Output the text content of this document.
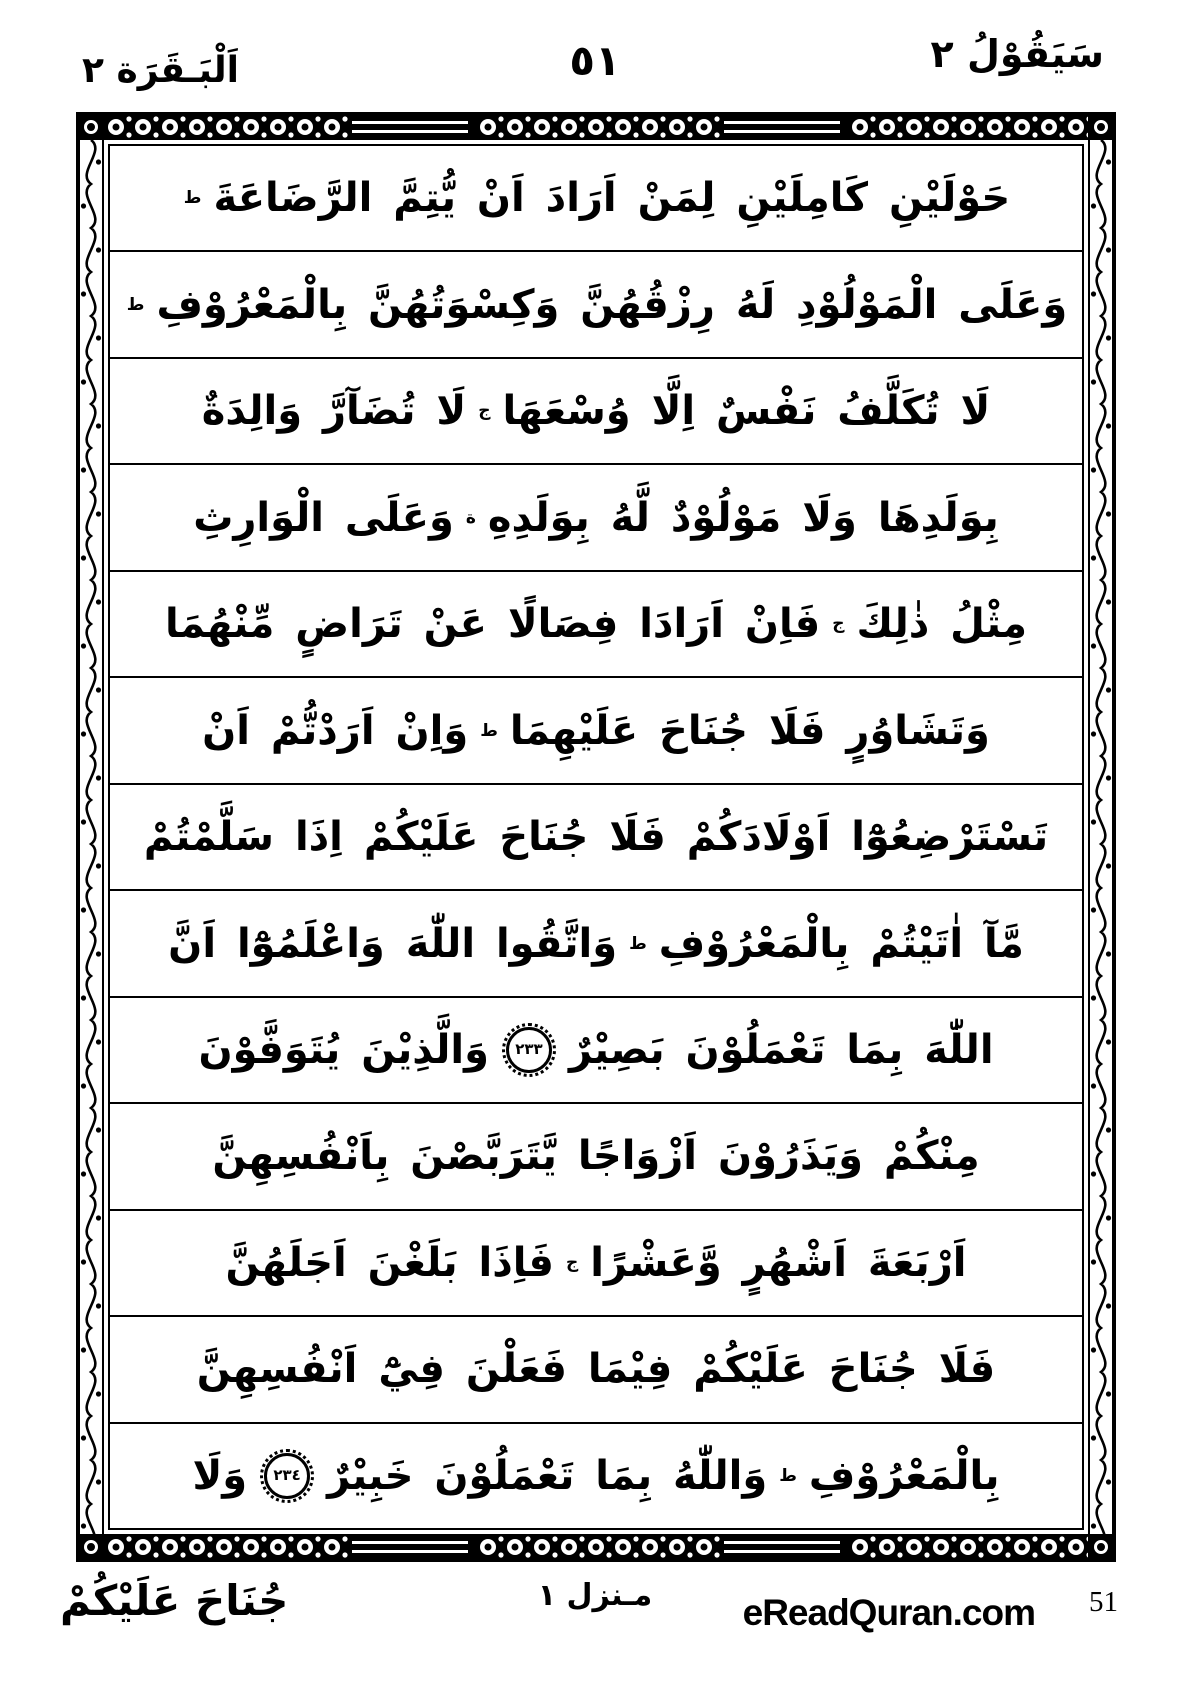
اَلْبَـقَرَة ٢	٥١	سَيَقُوْلُ ٢
حَوْلَيْنِ كَامِلَيْنِ لِمَنْ اَرَادَ اَنْ يُّتِمَّ الرَّضَاعَةَ
ط
وَعَلَى الْمَوْلُوْدِ لَهُ رِزْقُهُنَّ وَكِسْوَتُهُنَّ بِالْمَعْرُوْفِ
ط
لَا تُكَلَّفُ نَفْسٌ اِلَّا وُسْعَهَا
ج
لَا تُضَآرَّ وَالِدَةٌ
بِوَلَدِهَا وَلَا مَوْلُوْدٌ لَّهُ بِوَلَدِهِ
ة
وَعَلَى الْوَارِثِ
مِثْلُ ذٰلِكَ
ج
فَاِنْ اَرَادَا فِصَالًا عَنْ تَرَاضٍ مِّنْهُمَا
وَتَشَاوُرٍ فَلَا جُنَاحَ عَلَيْهِمَا
ط
وَاِنْ اَرَدْتُّمْ اَنْ
تَسْتَرْضِعُوْٓا اَوْلَادَكُمْ فَلَا جُنَاحَ عَلَيْكُمْ اِذَا سَلَّمْتُمْ
مَّآ اٰتَيْتُمْ بِالْمَعْرُوْفِ
ط
وَاتَّقُوا اللّٰهَ وَاعْلَمُوْٓا اَنَّ
اللّٰهَ بِمَا تَعْمَلُوْنَ بَصِيْرٌ
٢٣٣
وَالَّذِيْنَ يُتَوَفَّوْنَ
مِنْكُمْ وَيَذَرُوْنَ اَزْوَاجًا يَّتَرَبَّصْنَ بِاَنْفُسِهِنَّ
اَرْبَعَةَ اَشْهُرٍ وَّعَشْرًا
ج
فَاِذَا بَلَغْنَ اَجَلَهُنَّ
فَلَا جُنَاحَ عَلَيْكُمْ فِيْمَا فَعَلْنَ فِيْٓ اَنْفُسِهِنَّ
بِالْمَعْرُوْفِ
ط
وَاللّٰهُ بِمَا تَعْمَلُوْنَ خَبِيْرٌ
٢٣٤
وَلَا
جُنَاحَ عَلَيْكُمْ	مـنزل ١ eReadQuran.com 51
